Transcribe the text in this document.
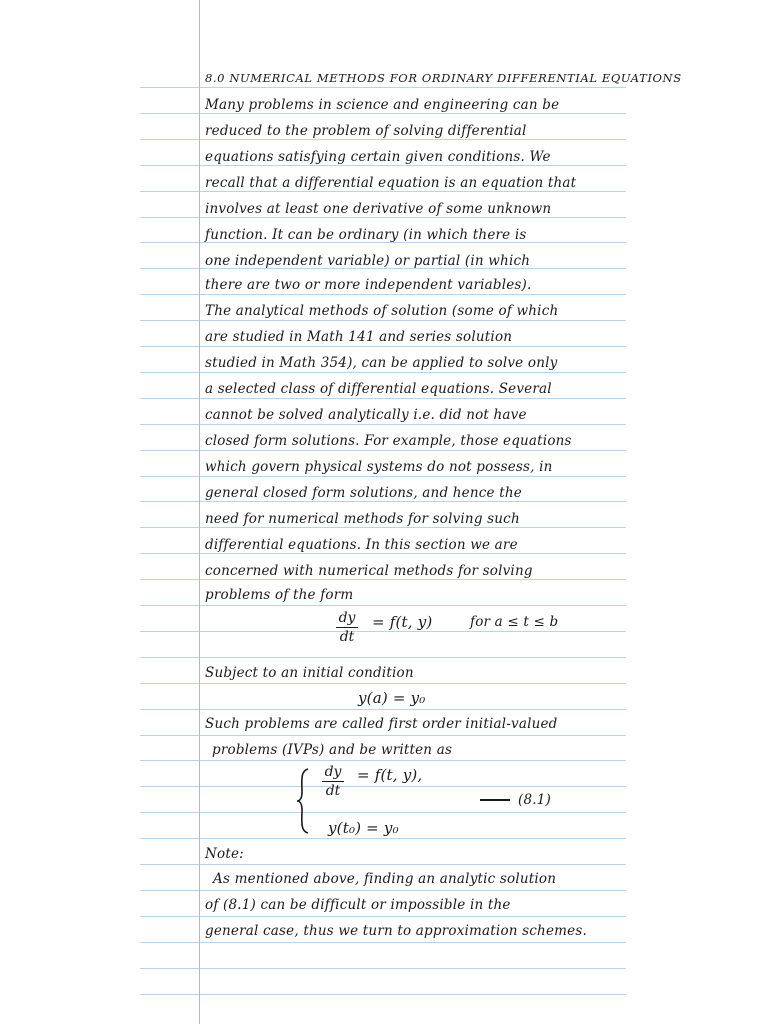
8.0 NUMERICAL METHODS FOR ORDINARY DIFFERENTIAL EQUATIONS

Many problems in science and engineering can be

reduced to the problem of solving differential

equations satisfying certain given conditions. We

recall that a differential equation is an equation that

involves at least one derivative of some unknown

function. It can be ordinary (in which there is

one independent variable) or partial (in which

there are two or more independent variables).

The analytical methods of solution (some of which

are studied in Math 141 and series solution

studied in Math 354), can be applied to solve only

a selected class of differential equations. Several

cannot be solved analytically i.e. did not have

closed form solutions. For example, those equations

which govern physical systems do not possess, in

general closed form solutions, and hence the

need for numerical methods for solving such

differential equations. In this section we are

concerned with numerical methods for solving

problems of the form

dy
dt

= f(t, y)	for a ≤ t ≤ b

Subject to an initial condition

y(a) = y₀

Such problems are called first order initial-valued

problems (IVPs) and be written as

dy
dt

= f(t, y),

(8.1)

y(t₀) = y₀

Note:

As mentioned above, finding an analytic solution

of (8.1) can be difficult or impossible in the

general case, thus we turn to approximation schemes.
